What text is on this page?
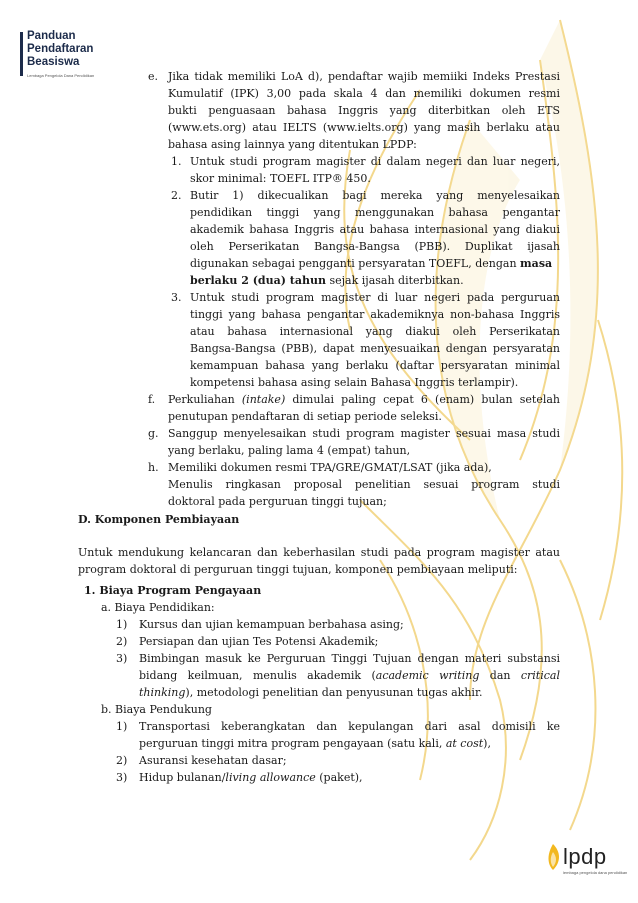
Panduan
Pendaftaran
Beasiswa
Lembaga Pengelola Dana Pendidikan
lpdp
lembaga pengelola dana pendidikan
e. Jika tidak memiliki LoA d), pendaftar wajib memiiki Indeks Prestasi
Kumulatif (IPK) 3,00 pada skala 4 dan memiliki dokumen resmi
bukti penguasaan bahasa Inggris yang diterbitkan oleh ETS
(www.ets.org) atau IELTS (www.ielts.org) yang masih berlaku atau
bahasa asing lainnya yang ditentukan LPDP:
1. Untuk studi program magister di dalam negeri dan luar negeri,
skor minimal: TOEFL ITP® 450.
2. Butir 1) dikecualikan bagi mereka yang menyelesaikan
pendidikan tinggi yang menggunakan bahasa pengantar
akademik bahasa Inggris atau bahasa internasional yang diakui
oleh Perserikatan Bangsa-Bangsa (PBB). Duplikat ijasah
digunakan sebagai pengganti persyaratan TOEFL, dengan masa
berlaku 2 (dua) tahun sejak ijasah diterbitkan.
3. Untuk studi program magister di luar negeri pada perguruan
tinggi yang bahasa pengantar akademiknya non-bahasa Inggris
atau bahasa internasional yang diakui oleh Perserikatan
Bangsa-Bangsa (PBB), dapat menyesuaikan dengan persyaratan
kemampuan bahasa yang berlaku (daftar persyaratan minimal
kompetensi bahasa asing selain Bahasa Inggris terlampir).
f. Perkuliahan (intake) dimulai paling cepat 6 (enam) bulan setelah
penutupan pendaftaran di setiap periode seleksi.
g. Sanggup menyelesaikan studi program magister sesuai masa studi
yang berlaku, paling lama 4 (empat) tahun,
h. Memiliki dokumen resmi TPA/GRE/GMAT/LSAT (jika ada),
Menulis ringkasan proposal penelitian sesuai program studi
doktoral pada perguruan tinggi tujuan;
D. Komponen Pembiayaan
Untuk mendukung kelancaran dan keberhasilan studi pada program magister atau
program doktoral di perguruan tinggi tujuan, komponen pembiayaan meliputi:
1. Biaya Program Pengayaan
a. Biaya Pendidikan:
1) Kursus dan ujian kemampuan berbahasa asing;
2) Persiapan dan ujian Tes Potensi Akademik;
3) Bimbingan masuk ke Perguruan Tinggi Tujuan dengan materi substansi
bidang keilmuan, menulis akademik (academic writing dan critical
thinking), metodologi penelitian dan penyusunan tugas akhir.
b. Biaya Pendukung
1) Transportasi keberangkatan dan kepulangan dari asal domisili ke
perguruan tinggi mitra program pengayaan (satu kali, at cost),
2) Asuransi kesehatan dasar;
3) Hidup bulanan/living allowance (paket),
